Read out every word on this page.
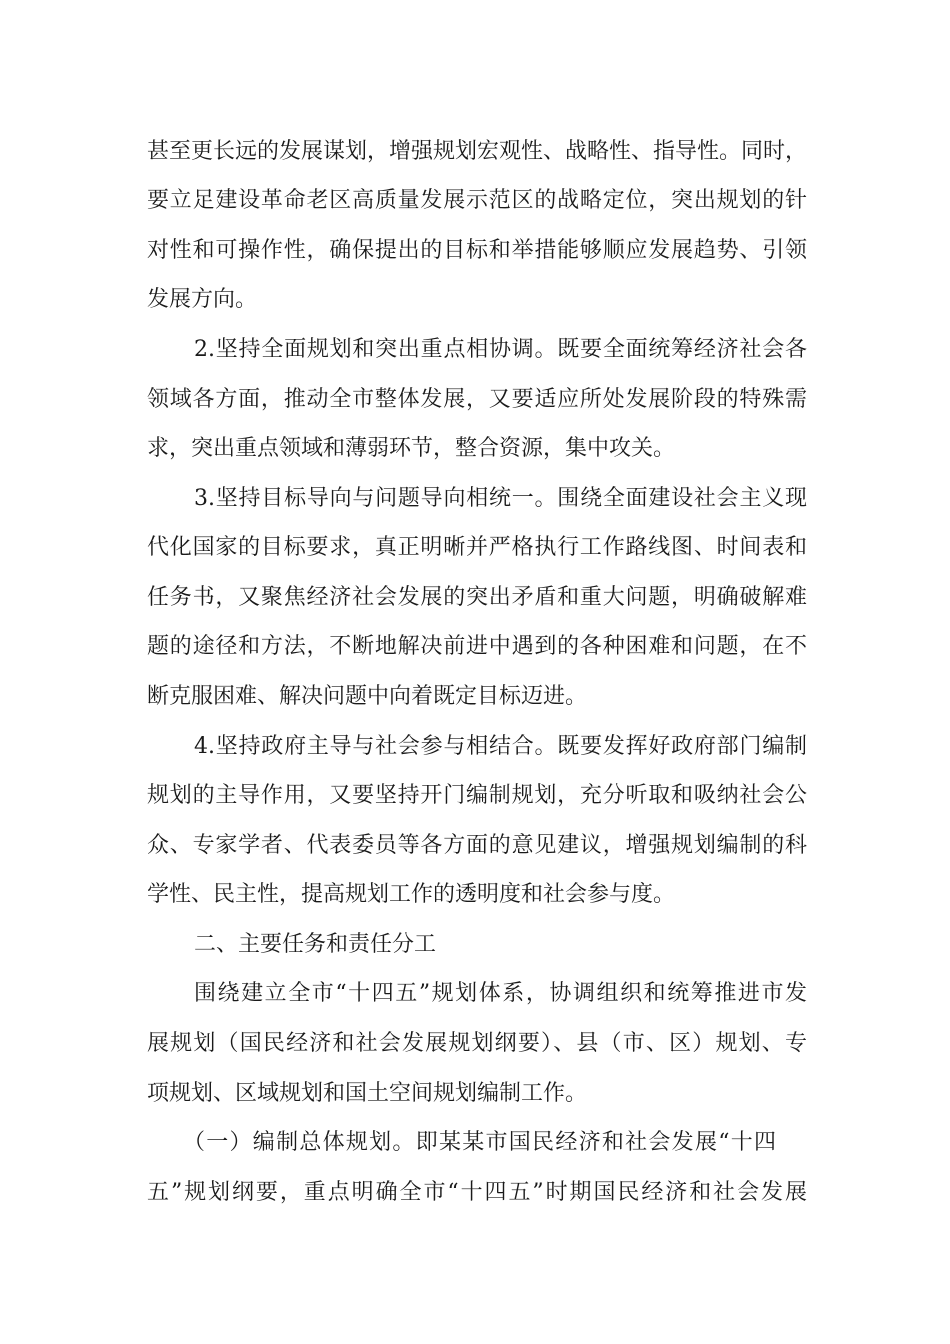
甚至更长远的发展谋划，增强规划宏观性、战略性、指导性。同时，
要立足建设革命老区高质量发展示范区的战略定位，突出规划的针
对性和可操作性，确保提出的目标和举措能够顺应发展趋势、引领
发展方向。
2.坚持全面规划和突出重点相协调。既要全面统筹经济社会各
领域各方面，推动全市整体发展，又要适应所处发展阶段的特殊需
求，突出重点领域和薄弱环节，整合资源，集中攻关。
3.坚持目标导向与问题导向相统一。围绕全面建设社会主义现
代化国家的目标要求，真正明晰并严格执行工作路线图、时间表和
任务书，又聚焦经济社会发展的突出矛盾和重大问题，明确破解难
题的途径和方法，不断地解决前进中遇到的各种困难和问题，在不
断克服困难、解决问题中向着既定目标迈进。
4.坚持政府主导与社会参与相结合。既要发挥好政府部门编制
规划的主导作用，又要坚持开门编制规划，充分听取和吸纳社会公
众、专家学者、代表委员等各方面的意见建议，增强规划编制的科
学性、民主性，提高规划工作的透明度和社会参与度。
二、主要任务和责任分工
围绕建立全市“十四五”规划体系，协调组织和统筹推进市发
展规划（国民经济和社会发展规划纲要）、县（市、区）规划、专
项规划、区域规划和国土空间规划编制工作。
（一）编制总体规划。即某某市国民经济和社会发展“十四
五”规划纲要，重点明确全市“十四五”时期国民经济和社会发展
